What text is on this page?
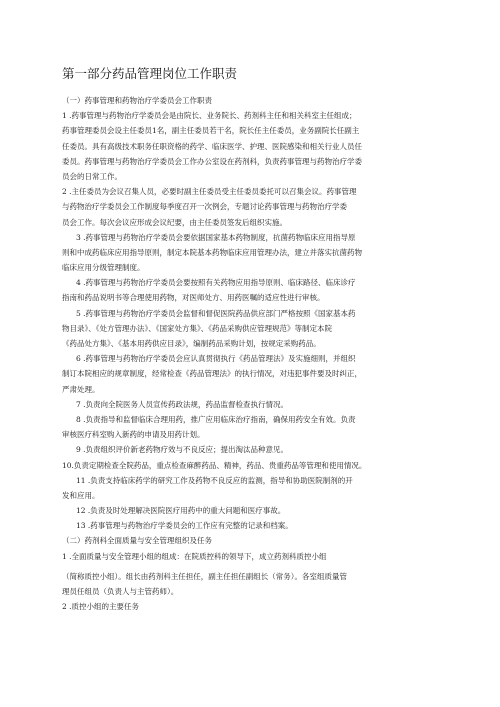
第一部分药品管理岗位工作职责
（一）药事管理和药物治疗学委员会工作职责
1 .药事管理与药物治疗学委员会是由院长、业务院长、药剂科主任和相关科室主任组成；
药事管理委员会设主任委员1名，副主任委员若干名，院长任主任委员，业务副院长任副主
任委员。具有高级技术职务任职资格的药学、临床医学、护理、医院感染和相关行业人员任
委员。药事管理与药物治疗学委员会工作办公室设在药剂科，负责药事管理与药物治疗学委
员会的日常工作。
2 .主任委员为会议召集人员，必要时副主任委员受主任委员委托可以召集会议。药事管理
与药物治疗学委员会工作制度每季度召开一次例会，专题讨论药事管理与药物治疗学委
员会工作。每次会议应形成会议纪要，由主任委员签发后组织实施。
3 .药事管理与药物治疗学委员会要依据国家基本药物制度，抗菌药物临床应用指导原
则和中成药临床应用指导原则，制定本院基本药物临床应用管理办法，建立并落实抗菌药物
临床应用分级管理制度。
4 .药事管理与药物治疗学委员会要按照有关药物应用指导原则、临床路径、临床诊疗
指南和药品说明书等合理使用药物，对医师处方、用药医嘱的适应性进行审核。
5 .药事管理与药物治疗学委员会监督和督促医院药品供应部门严格按照《国家基本药
物目录》、《处方管理办法》、《国家处方集》、《药品采购供应管理规范》等制定本院
《药品处方集》、《基本用药供应目录》，编制药品采购计划，按规定采购药品。
6 .药事管理与药物治疗学委员会应认真贯彻执行《药品管理法》及实施细则，并组织
制订本院相应的规章制度，经常检查《药品管理法》的执行情况，对违犯事件要及时纠正，
严肃处理。
7 .负责向全院医务人员宣传药政法规，药品监督检查执行情况。
8 .负责指导和监督临床合理用药，推广应用临床治疗指南，确保用药安全有效。负责
审核医疗科室购入新药的申请及用药计划。
9 .负责组织评价新老药物疗效与不良反应；提出淘汰品种意见。
10.负责定期检查全院药品，重点检查麻醉药品、精神，药品、贵重药品等管理和使用情况。
11 .负责支持临床药学的研究工作及药物不良反应的监测，指导和协助医院制剂的开
发和应用。
12 .负责及时处理解决医院医疗用药中的重大问题和医疗事故。
13 .药事管理与药物治疗学委员会的工作应有完整的记录和档案。
（二）药剂科全面质量与安全管理组织及任务
1 .全面质量与安全管理小组的组成：在院质控科的领导下，成立药剂科质控小组
（简称质控小组）。组长由药剂科主任担任，副主任担任副组长（常务）。各室组质量管
理员任组员（负责人与主管药师）。
2 .质控小组的主要任务
